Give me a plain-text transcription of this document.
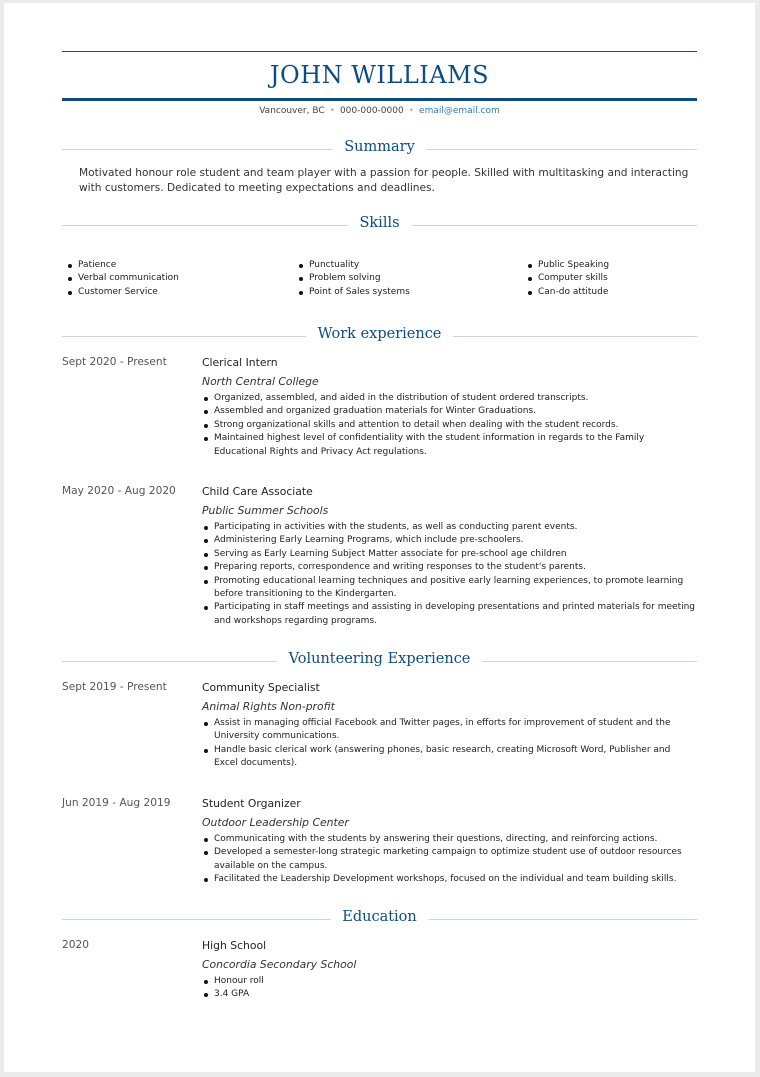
JOHN WILLIAMS
Vancouver, BC • 000-000-0000 • email@email.com
Summary

Motivated honour role student and team player with a passion for people. Skilled with multitasking and interacting with customers. Dedicated to meeting expectations and deadlines.

Skills
Patience
Verbal communication
Customer Service
Punctuality
Problem solving
Point of Sales systems
Public Speaking
Computer skills
Can-do attitude
Work experience
Sept 2020 - Present	Clerical Intern
North Central College
Organized, assembled, and aided in the distribution of student ordered transcripts.
Assembled and organized graduation materials for Winter Graduations.
Strong organizational skills and attention to detail when dealing with the student records.
Maintained highest level of confidentiality with the student information in regards to the Family Educational Rights and Privacy Act regulations.
May 2020 - Aug 2020 Child Care Associate
Public Summer Schools
Participating in activities with the students, as well as conducting parent events.
Administering Early Learning Programs, which include pre-schoolers.
Serving as Early Learning Subject Matter associate for pre-school age children
Preparing reports, correspondence and writing responses to the student's parents.
Promoting educational learning techniques and positive early learning experiences, to promote learning before transitioning to the Kindergarten.
Participating in staff meetings and assisting in developing presentations and printed materials for meeting and workshops regarding programs.
Volunteering Experience
Sept 2019 - Present	Community Specialist
Animal Rights Non-profit
Assist in managing official Facebook and Twitter pages, in efforts for improvement of student and the University communications.
Handle basic clerical work (answering phones, basic research, creating Microsoft Word, Publisher and Excel documents).
Jun 2019 - Aug 2019	Student Organizer
Outdoor Leadership Center
Communicating with the students by answering their questions, directing, and reinforcing actions.
Developed a semester-long strategic marketing campaign to optimize student use of outdoor resources available on the campus.
Facilitated the Leadership Development workshops, focused on the individual and team building skills.
Education
2020	High School
Concordia Secondary School
Honour roll
3.4 GPA
